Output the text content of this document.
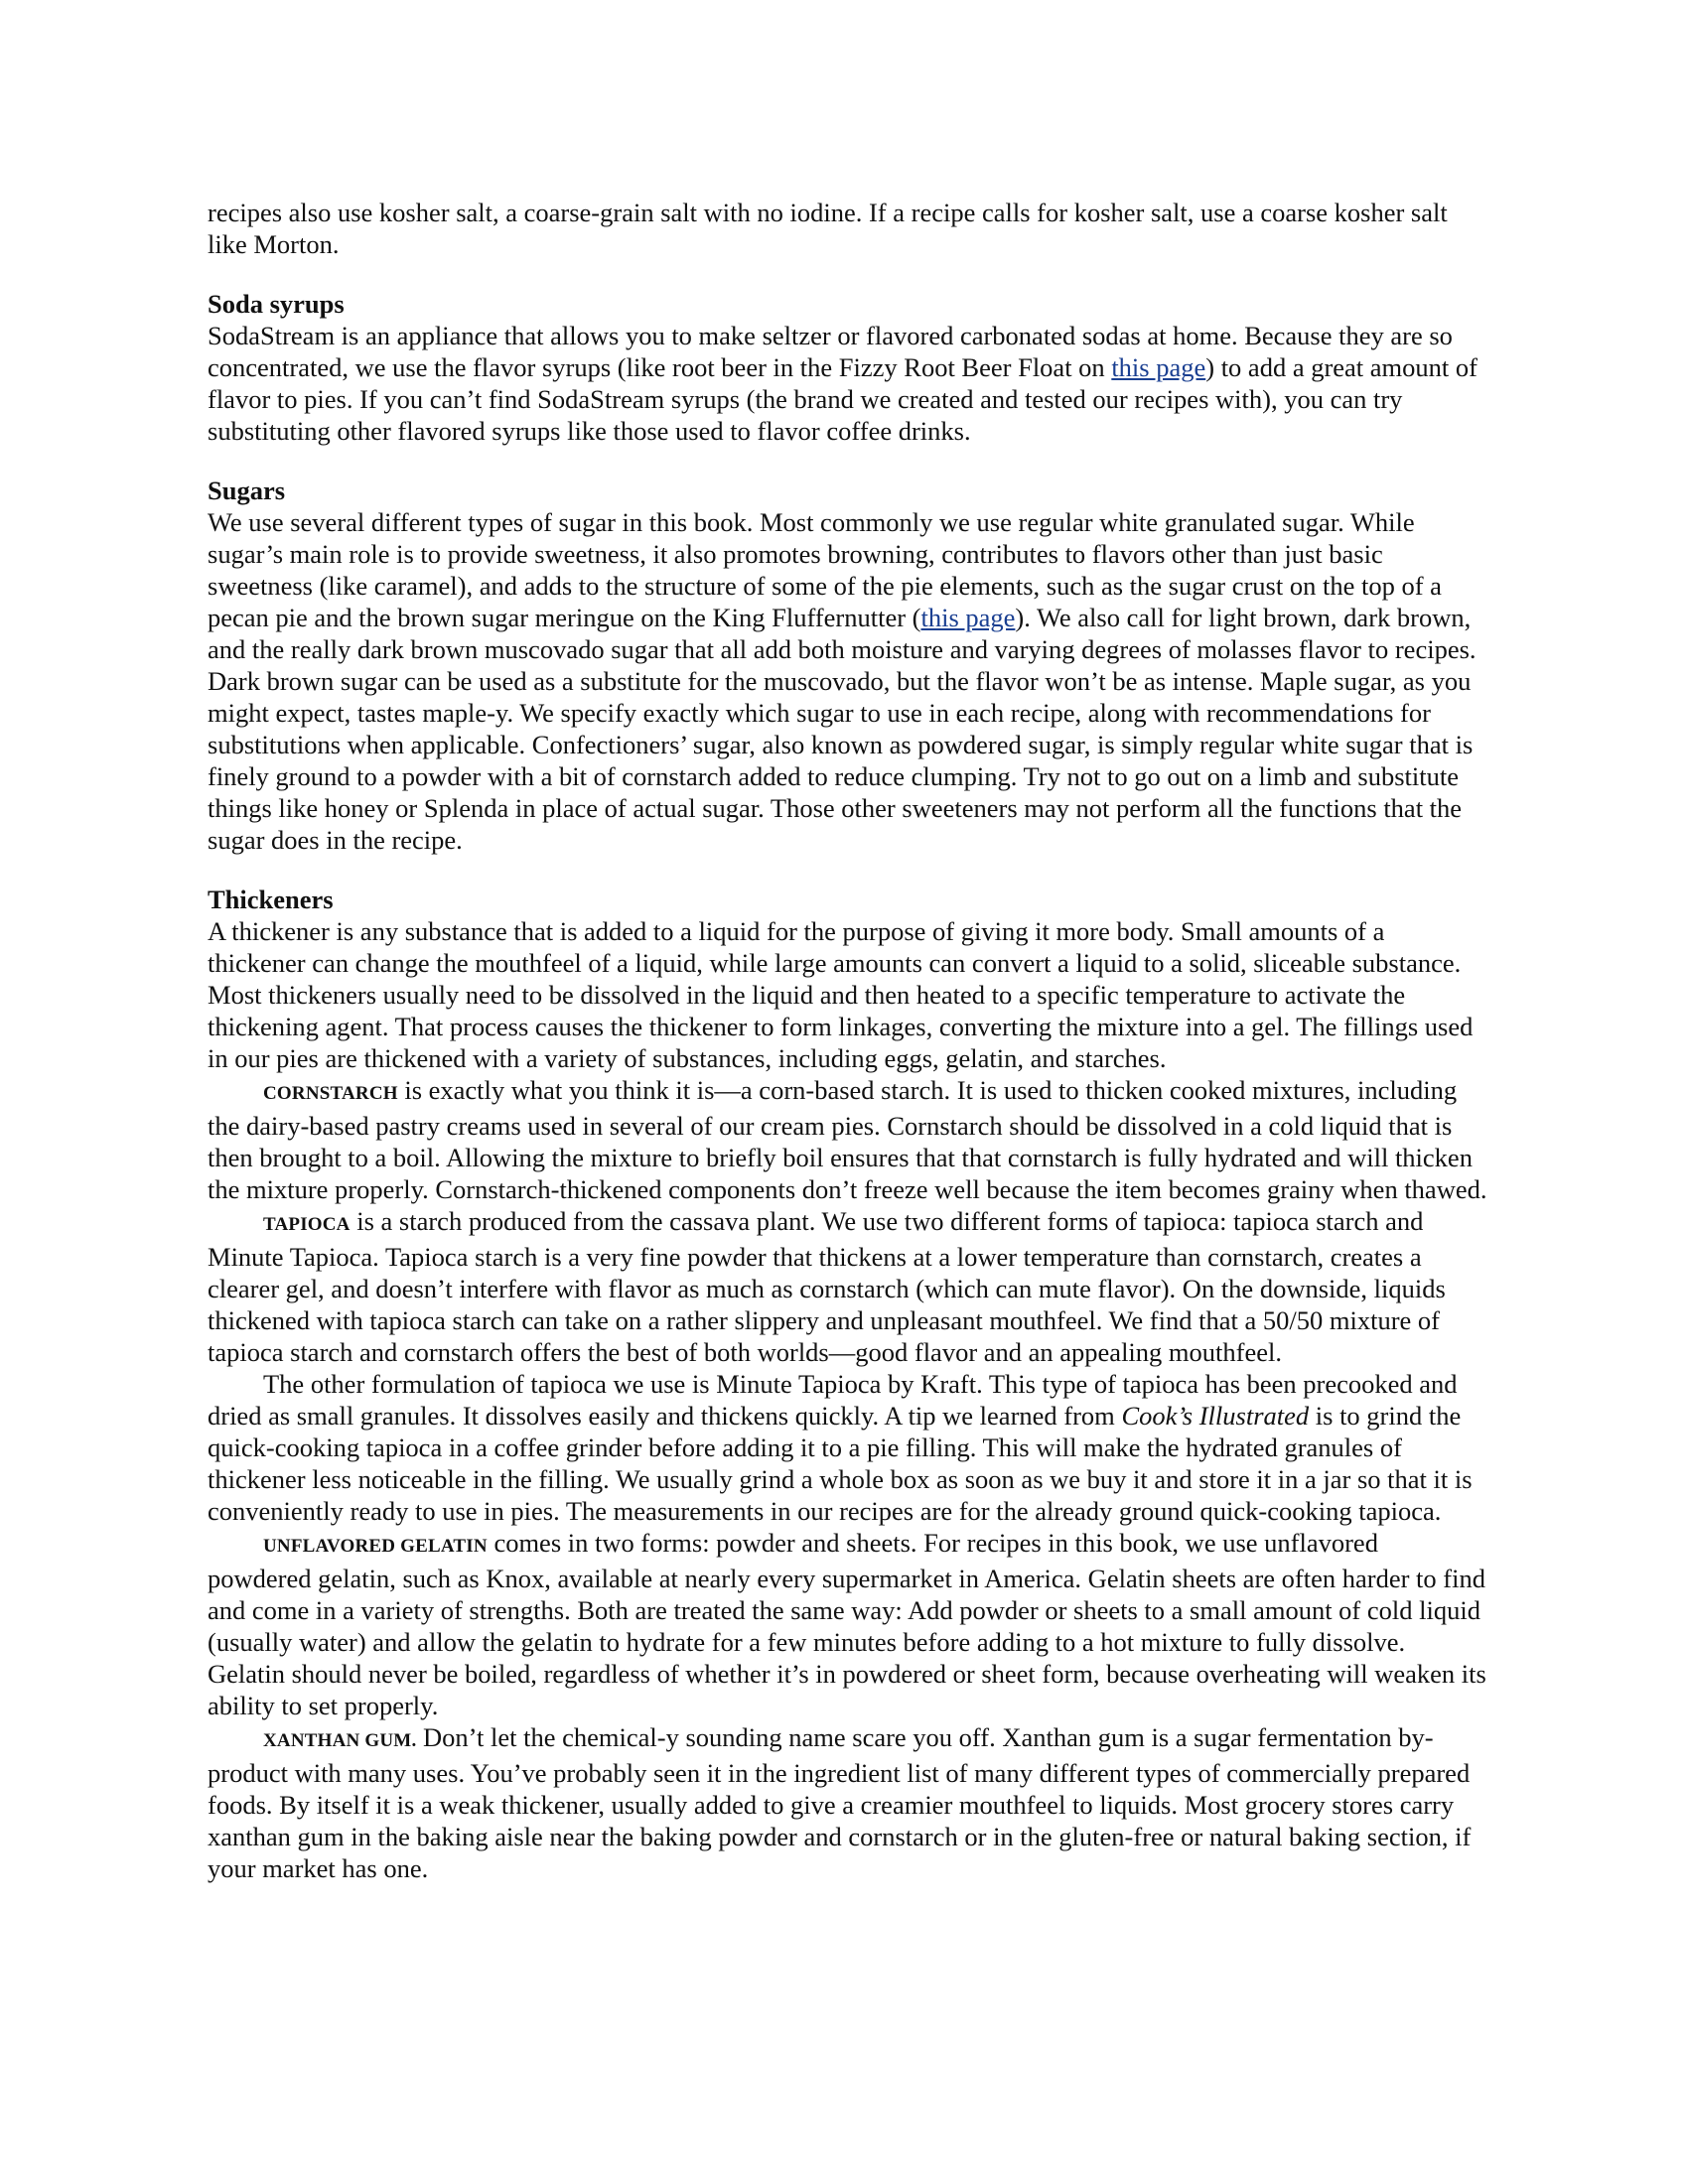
recipes also use kosher salt, a coarse-grain salt with no iodine. If a recipe calls for kosher salt, use a coarse kosher salt like Morton.

Soda syrups

SodaStream is an appliance that allows you to make seltzer or flavored carbonated sodas at home. Because they are so concentrated, we use the flavor syrups (like root beer in the Fizzy Root Beer Float on this page) to add a great amount of flavor to pies. If you can’t find SodaStream syrups (the brand we created and tested our recipes with), you can try substituting other flavored syrups like those used to flavor coffee drinks.

Sugars

We use several different types of sugar in this book. Most commonly we use regular white granulated sugar. While sugar’s main role is to provide sweetness, it also promotes browning, contributes to flavors other than just basic sweetness (like caramel), and adds to the structure of some of the pie elements, such as the sugar crust on the top of a pecan pie and the brown sugar meringue on the King Fluffernutter (this page). We also call for light brown, dark brown, and the really dark brown muscovado sugar that all add both moisture and varying degrees of molasses flavor to recipes. Dark brown sugar can be used as a substitute for the muscovado, but the flavor won’t be as intense. Maple sugar, as you might expect, tastes maple-y. We specify exactly which sugar to use in each recipe, along with recommendations for substitutions when applicable. Confectioners’ sugar, also known as powdered sugar, is simply regular white sugar that is finely ground to a powder with a bit of cornstarch added to reduce clumping. Try not to go out on a limb and substitute things like honey or Splenda in place of actual sugar. Those other sweeteners may not perform all the functions that the sugar does in the recipe.

Thickeners

A thickener is any substance that is added to a liquid for the purpose of giving it more body. Small amounts of a thickener can change the mouthfeel of a liquid, while large amounts can convert a liquid to a solid, sliceable substance. Most thickeners usually need to be dissolved in the liquid and then heated to a specific temperature to activate the thickening agent. That process causes the thickener to form linkages, converting the mixture into a gel. The fillings used in our pies are thickened with a variety of substances, including eggs, gelatin, and starches.

CORNSTARCH is exactly what you think it is—a corn-based starch. It is used to thicken cooked mixtures, including the dairy-based pastry creams used in several of our cream pies. Cornstarch should be dissolved in a cold liquid that is then brought to a boil. Allowing the mixture to briefly boil ensures that that cornstarch is fully hydrated and will thicken the mixture properly. Cornstarch-thickened components don’t freeze well because the item becomes grainy when thawed.

TAPIOCA is a starch produced from the cassava plant. We use two different forms of tapioca: tapioca starch and Minute Tapioca. Tapioca starch is a very fine powder that thickens at a lower temperature than cornstarch, creates a clearer gel, and doesn’t interfere with flavor as much as cornstarch (which can mute flavor). On the downside, liquids thickened with tapioca starch can take on a rather slippery and unpleasant mouthfeel. We find that a 50/50 mixture of tapioca starch and cornstarch offers the best of both worlds—good flavor and an appealing mouthfeel.

The other formulation of tapioca we use is Minute Tapioca by Kraft. This type of tapioca has been precooked and dried as small granules. It dissolves easily and thickens quickly. A tip we learned from Cook’s Illustrated is to grind the quick-cooking tapioca in a coffee grinder before adding it to a pie filling. This will make the hydrated granules of thickener less noticeable in the filling. We usually grind a whole box as soon as we buy it and store it in a jar so that it is conveniently ready to use in pies. The measurements in our recipes are for the already ground quick-cooking tapioca.

UNFLAVORED GELATIN comes in two forms: powder and sheets. For recipes in this book, we use unflavored powdered gelatin, such as Knox, available at nearly every supermarket in America. Gelatin sheets are often harder to find and come in a variety of strengths. Both are treated the same way: Add powder or sheets to a small amount of cold liquid (usually water) and allow the gelatin to hydrate for a few minutes before adding to a hot mixture to fully dissolve. Gelatin should never be boiled, regardless of whether it’s in powdered or sheet form, because overheating will weaken its ability to set properly.

XANTHAN GUM. Don’t let the chemical-y sounding name scare you off. Xanthan gum is a sugar fermentation by-product with many uses. You’ve probably seen it in the ingredient list of many different types of commercially prepared foods. By itself it is a weak thickener, usually added to give a creamier mouthfeel to liquids. Most grocery stores carry xanthan gum in the baking aisle near the baking powder and cornstarch or in the gluten-free or natural baking section, if your market has one.
